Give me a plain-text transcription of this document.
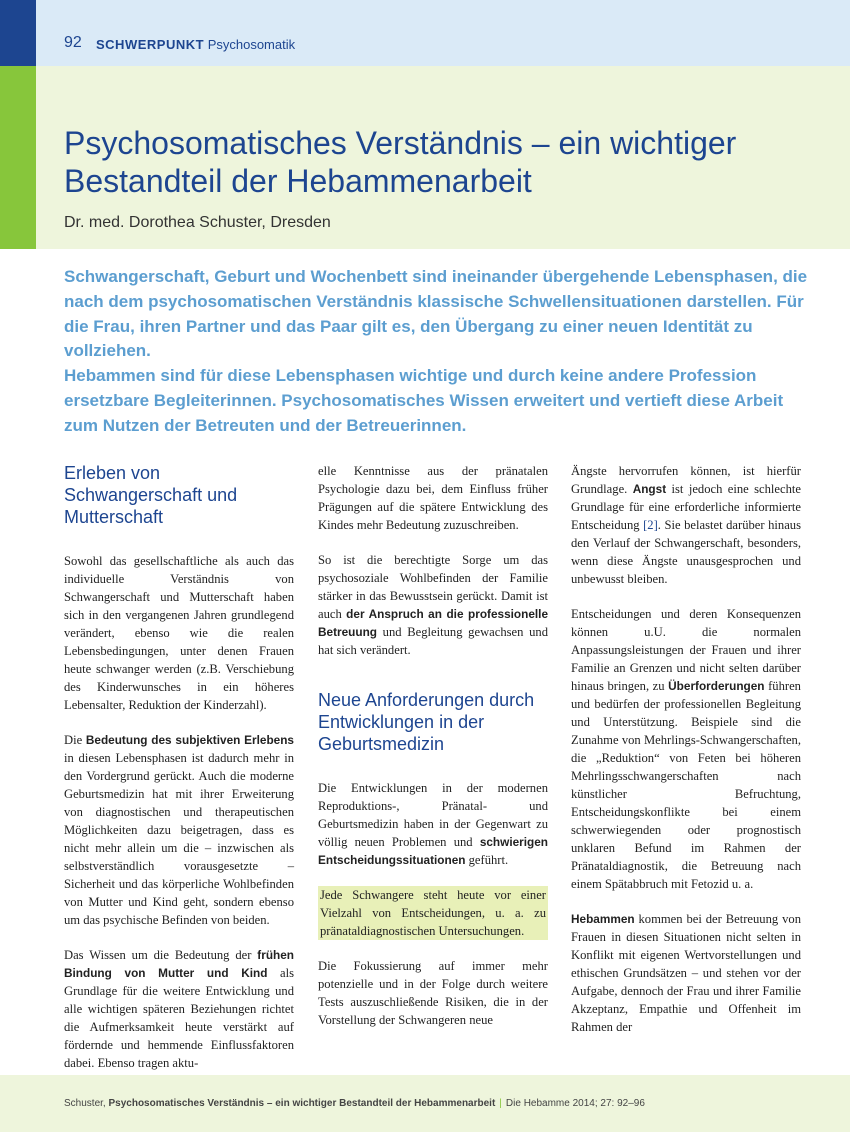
92 SCHWERPUNKT Psychosomatik
Psychosomatisches Verständnis – ein wichtiger Bestandteil der Hebammenarbeit
Dr. med. Dorothea Schuster, Dresden
Schwangerschaft, Geburt und Wochenbett sind ineinander übergehende Lebensphasen, die nach dem psychosomatischen Verständnis klassische Schwellensituationen darstellen. Für die Frau, ihren Partner und das Paar gilt es, den Übergang zu einer neuen Identität zu vollziehen.
Hebammen sind für diese Lebensphasen wichtige und durch keine andere Profession ersetzbare Begleiterinnen. Psychosomatisches Wissen erweitert und vertieft diese Arbeit zum Nutzen der Betreuten und der Betreuerinnen.
Erleben von Schwangerschaft und Mutterschaft

Sowohl das gesellschaftliche als auch das individuelle Verständnis von Schwangerschaft und Mutterschaft haben sich in den vergangenen Jahren grundlegend verändert, ebenso wie die realen Lebensbedingungen, unter denen Frauen heute schwanger werden (z.B. Verschiebung des Kinderwunsches in ein höheres Lebensalter, Reduktion der Kinderzahl).

Die Bedeutung des subjektiven Erlebens in diesen Lebensphasen ist dadurch mehr in den Vordergrund gerückt. Auch die moderne Geburtsmedizin hat mit ihrer Erweiterung von diagnostischen und therapeutischen Möglichkeiten dazu beigetragen, dass es nicht mehr allein um die – inzwischen als selbstverständlich vorausgesetzte – Sicherheit und das körperliche Wohlbefinden von Mutter und Kind geht, sondern ebenso um das psychische Befinden von beiden.

Das Wissen um die Bedeutung der frühen Bindung von Mutter und Kind als Grundlage für die weitere Entwicklung und alle wichtigen späteren Beziehungen richtet die Aufmerksamkeit heute verstärkt auf fördernde und hemmende Einflussfaktoren dabei. Ebenso tragen aktu-

elle Kenntnisse aus der pränatalen Psychologie dazu bei, dem Einfluss früher Prägungen auf die spätere Entwicklung des Kindes mehr Bedeutung zuzuschreiben.

So ist die berechtigte Sorge um das psychosoziale Wohlbefinden der Familie stärker in das Bewusstsein gerückt. Damit ist auch der Anspruch an die professionelle Betreuung und Begleitung gewachsen und hat sich verändert.

Neue Anforderungen durch Entwicklungen in der Geburtsmedizin

Die Entwicklungen in der modernen Reproduktions-, Pränatal- und Geburtsmedizin haben in der Gegenwart zu völlig neuen Problemen und schwierigen Entscheidungssituationen geführt.

Jede Schwangere steht heute vor einer Vielzahl von Entscheidungen, u. a. zu pränataldiagnostischen Untersuchungen.

Die Fokussierung auf immer mehr potenzielle und in der Folge durch weitere Tests auszuschließende Risiken, die in der Vorstellung der Schwangeren neue

Ängste hervorrufen können, ist hierfür Grundlage. Angst ist jedoch eine schlechte Grundlage für eine erforderliche informierte Entscheidung [2]. Sie belastet darüber hinaus den Verlauf der Schwangerschaft, besonders, wenn diese Ängste unausgesprochen und unbewusst bleiben.

Entscheidungen und deren Konsequenzen können u.U. die normalen Anpassungsleistungen der Frauen und ihrer Familie an Grenzen und nicht selten darüber hinaus bringen, zu Überforderungen führen und bedürfen der professionellen Begleitung und Unterstützung. Beispiele sind die Zunahme von Mehrlings-Schwangerschaften, die „Reduktion“ von Feten bei höheren Mehrlingsschwangerschaften nach künstlicher Befruchtung, Entscheidungskonflikte bei einem schwerwiegenden oder prognostisch unklaren Befund im Rahmen der Pränataldiagnostik, die Betreuung nach einem Spätabbruch mit Fetozid u. a.

Hebammen kommen bei der Betreuung von Frauen in diesen Situationen nicht selten in Konflikt mit eigenen Wertvorstellungen und ethischen Grundsätzen – und stehen vor der Aufgabe, dennoch der Frau und ihrer Familie Akzeptanz, Empathie und Offenheit im Rahmen der

Schuster, Psychosomatisches Verständnis – ein wichtiger Bestandteil der Hebammenarbeit | Die Hebamme 2014; 27: 92–96
